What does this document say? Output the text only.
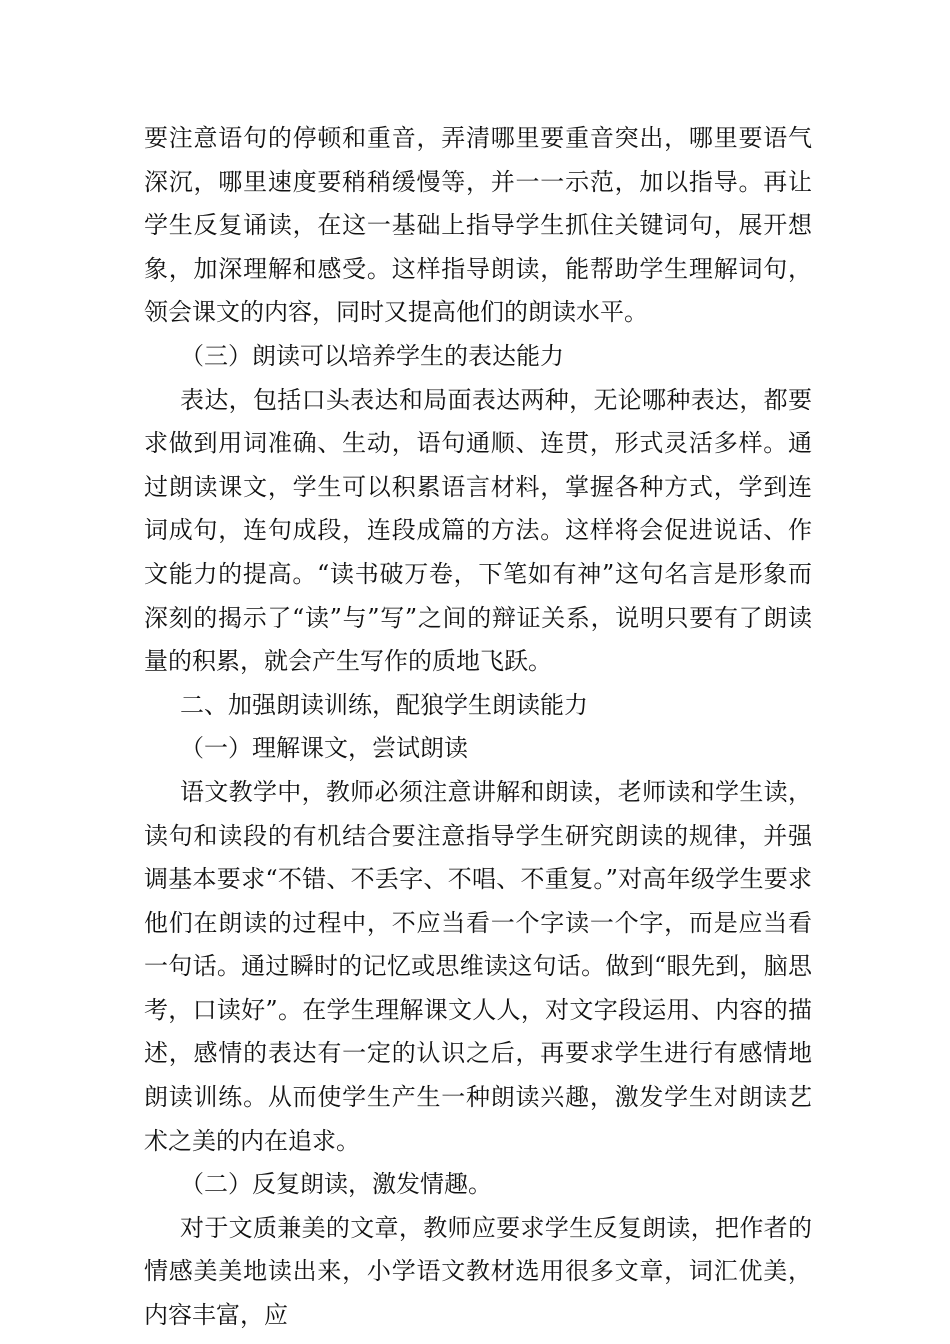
要注意语句的停顿和重音，弄清哪里要重音突出，哪里要语气深沉，哪里速度要稍稍缓慢等，并一一示范，加以指导。再让学生反复诵读，在这一基础上指导学生抓住关键词句，展开想象，加深理解和感受。这样指导朗读，能帮助学生理解词句，领会课文的内容，同时又提高他们的朗读水平。

（三）朗读可以培养学生的表达能力

表达，包括口头表达和局面表达两种，无论哪种表达，都要求做到用词准确、生动，语句通顺、连贯，形式灵活多样。通过朗读课文，学生可以积累语言材料，掌握各种方式，学到连词成句，连句成段，连段成篇的方法。这样将会促进说话、作文能力的提高。“读书破万卷，下笔如有神”这句名言是形象而深刻的揭示了“读”与”写”之间的辩证关系，说明只要有了朗读量的积累，就会产生写作的质地飞跃。

二、加强朗读训练，配狼学生朗读能力

（一）理解课文，尝试朗读

语文教学中，教师必须注意讲解和朗读，老师读和学生读，读句和读段的有机结合要注意指导学生研究朗读的规律，并强调基本要求“不错、不丢字、不唱、不重复。”对高年级学生要求他们在朗读的过程中，不应当看一个字读一个字，而是应当看一句话。通过瞬时的记忆或思维读这句话。做到“眼先到，脑思考，口读好”。在学生理解课文人人，对文字段运用、内容的描述，感情的表达有一定的认识之后，再要求学生进行有感情地朗读训练。从而使学生产生一种朗读兴趣，激发学生对朗读艺术之美的内在追求。

（二）反复朗读，激发情趣。

对于文质兼美的文章，教师应要求学生反复朗读，把作者的情感美美地读出来，小学语文教材选用很多文章，词汇优美，内容丰富，应
